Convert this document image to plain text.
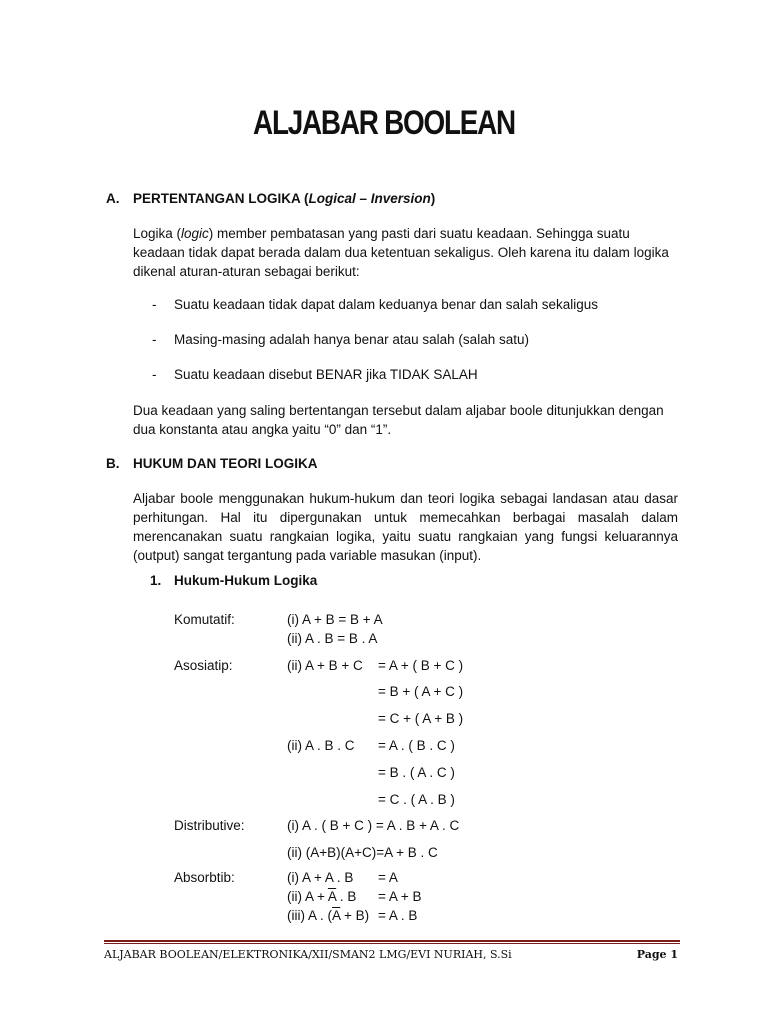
ALJABAR BOOLEAN
A. PERTENTANGAN LOGIKA (Logical – Inversion)
Logika (logic) member pembatasan yang pasti dari suatu keadaan. Sehingga suatu keadaan tidak dapat berada dalam dua ketentuan sekaligus. Oleh karena itu dalam logika dikenal aturan-aturan sebagai berikut:
- Suatu keadaan tidak dapat dalam keduanya benar dan salah sekaligus
- Masing-masing adalah hanya benar atau salah (salah satu)
- Suatu keadaan disebut BENAR jika TIDAK SALAH
Dua keadaan yang saling bertentangan tersebut dalam aljabar boole ditunjukkan dengan dua konstanta atau angka yaitu “0” dan “1”.
B. HUKUM DAN TEORI LOGIKA
Aljabar boole menggunakan hukum-hukum dan teori logika sebagai landasan atau dasar perhitungan. Hal itu dipergunakan untuk memecahkan berbagai masalah dalam merencanakan suatu rangkaian logika, yaitu suatu rangkaian yang fungsi keluarannya (output) sangat tergantung pada variable masukan (input).
1. Hukum-Hukum Logika
Komutatif:	(i) A + B = B + A
(ii) A . B = B . A
Asosiatip:	(ii) A + B + C = A + ( B + C )
= B + ( A + C )
= C + ( A + B )
(ii) A . B . C = A . ( B . C )
= B . ( A . C )
= C . ( A . B )
Distributive:	(i) A . ( B + C ) = A . B + A . C
(ii) (A+B)(A+C)=A + B . C
Absorbtib:	(i) A + A . B = A
(ii) $A + \overline{A}$ . B = A + B
(iii) A . $(\overline{A} + B) = A$ . B
ALJABAR BOOLEAN/ELEKTRONIKA/XII/SMAN2 LMG/EVI NURIAH, S.Si	Page 1
